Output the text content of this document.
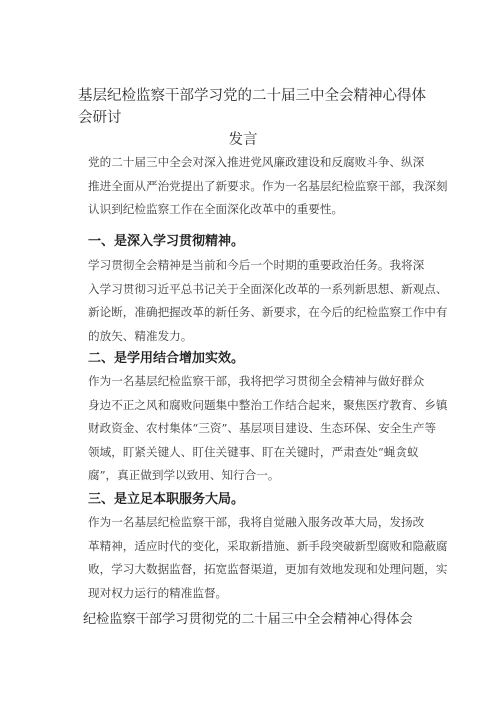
基层纪检监察干部学习党的二十届三中全会精神心得体会研讨
发言
党的二十届三中全会对深入推进党风廉政建设和反腐败斗争、纵深
推进全面从严治党提出了新要求。作为一名基层纪检监察干部，我深刻
认识到纪检监察工作在全面深化改革中的重要性。
一、是深入学习贯彻精神。
学习贯彻全会精神是当前和今后一个时期的重要政治任务。我将深
入学习贯彻习近平总书记关于全面深化改革的一系列新思想、新观点、
新论断，准确把握改革的新任务、新要求，在今后的纪检监察工作中有
的放矢、精准发力。
二、是学用结合增加实效。
作为一名基层纪检监察干部，我将把学习贯彻全会精神与做好群众
身边不正之风和腐败问题集中整治工作结合起来，聚焦医疗教育、乡镇
财政资金、农村集体“三资”、基层项目建设、生态环保、安全生产等
领域，盯紧关键人、盯住关键事、盯在关键时，严肃查处“蝇贪蚁
腐”，真正做到学以致用、知行合一。
三、是立足本职服务大局。
作为一名基层纪检监察干部，我将自觉融入服务改革大局，发扬改
革精神，适应时代的变化，采取新措施、新手段突破新型腐败和隐蔽腐
败，学习大数据监督，拓宽监督渠道，更加有效地发现和处理问题，实
现对权力运行的精准监督。
纪检监察干部学习贯彻党的二十届三中全会精神心得体会
